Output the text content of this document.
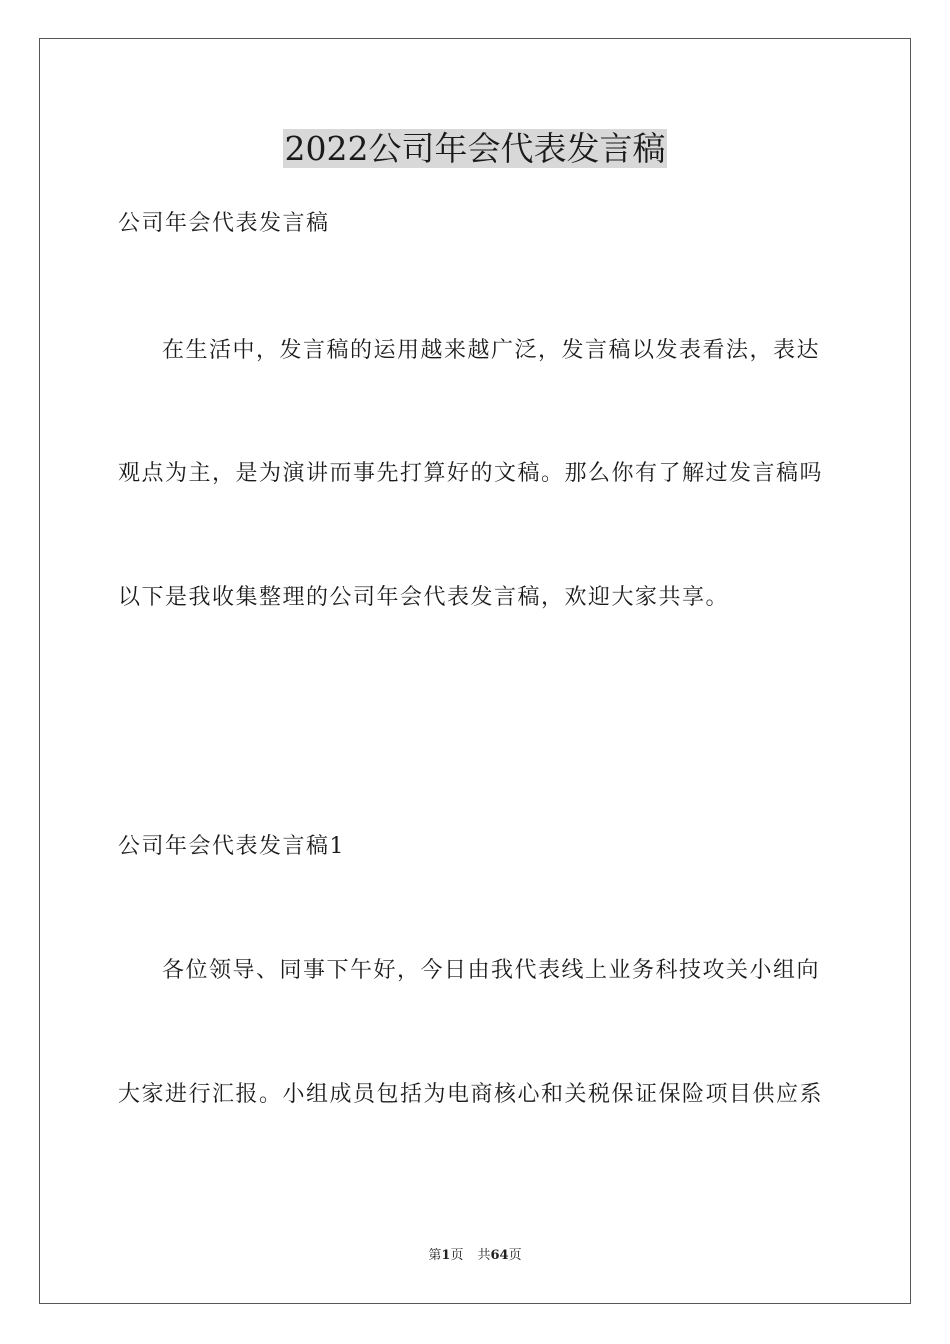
2022公司年会代表发言稿
公司年会代表发言稿
在生活中，发言稿的运用越来越广泛，发言稿以发表看法，表达
观点为主，是为演讲而事先打算好的文稿。那么你有了解过发言稿吗
以下是我收集整理的公司年会代表发言稿，欢迎大家共享。
公司年会代表发言稿1
各位领导、同事下午好，今日由我代表线上业务科技攻关小组向
大家进行汇报。小组成员包括为电商核心和关税保证保险项目供应系
第1页 共64页
